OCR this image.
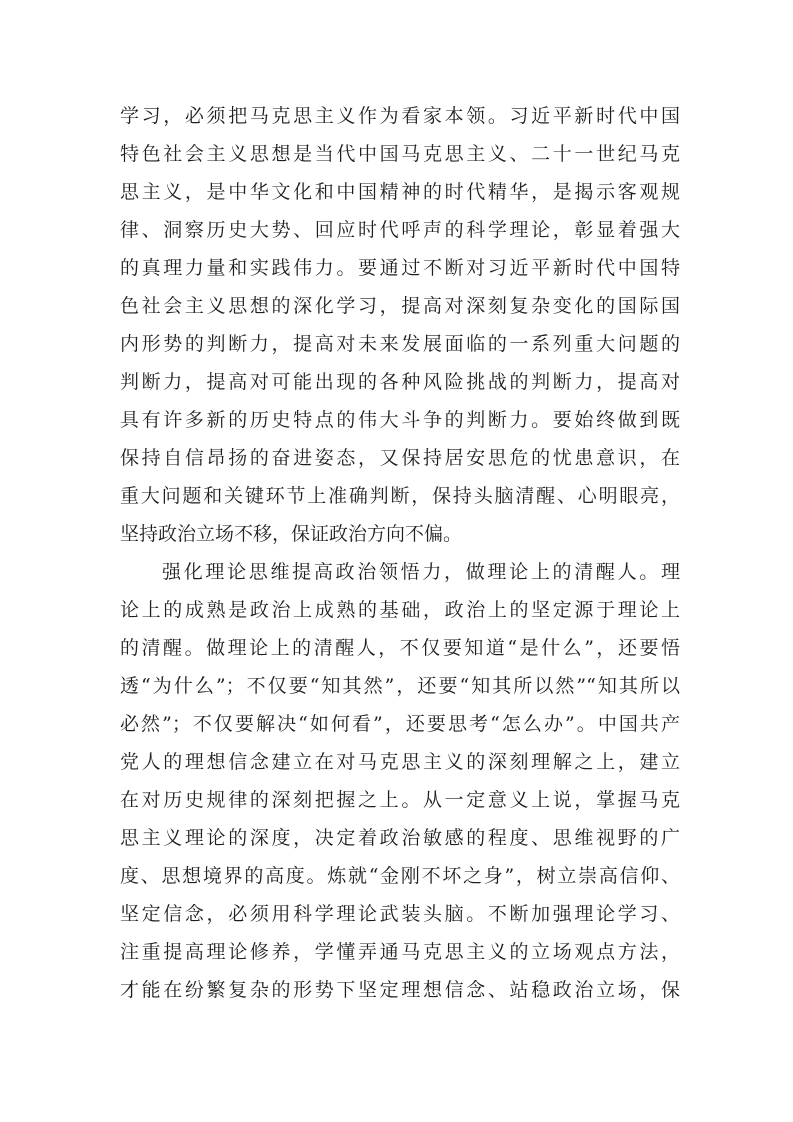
学习，必须把马克思主义作为看家本领。习近平新时代中国
特色社会主义思想是当代中国马克思主义、二十一世纪马克
思主义，是中华文化和中国精神的时代精华，是揭示客观规
律、洞察历史大势、回应时代呼声的科学理论，彰显着强大
的真理力量和实践伟力。要通过不断对习近平新时代中国特
色社会主义思想的深化学习，提高对深刻复杂变化的国际国
内形势的判断力，提高对未来发展面临的一系列重大问题的
判断力，提高对可能出现的各种风险挑战的判断力，提高对
具有许多新的历史特点的伟大斗争的判断力。要始终做到既
保持自信昂扬的奋进姿态，又保持居安思危的忧患意识，在
重大问题和关键环节上准确判断，保持头脑清醒、心明眼亮，
坚持政治立场不移，保证政治方向不偏。
强化理论思维提高政治领悟力，做理论上的清醒人。理
论上的成熟是政治上成熟的基础，政治上的坚定源于理论上
的清醒。做理论上的清醒人，不仅要知道“是什么”，还要悟
透“为什么”；不仅要“知其然”，还要“知其所以然”“知其所以
必然”；不仅要解决“如何看”，还要思考“怎么办”。中国共产
党人的理想信念建立在对马克思主义的深刻理解之上，建立
在对历史规律的深刻把握之上。从一定意义上说，掌握马克
思主义理论的深度，决定着政治敏感的程度、思维视野的广
度、思想境界的高度。炼就“金刚不坏之身”，树立崇高信仰、
坚定信念，必须用科学理论武装头脑。不断加强理论学习、
注重提高理论修养，学懂弄通马克思主义的立场观点方法，
才能在纷繁复杂的形势下坚定理想信念、站稳政治立场，保
